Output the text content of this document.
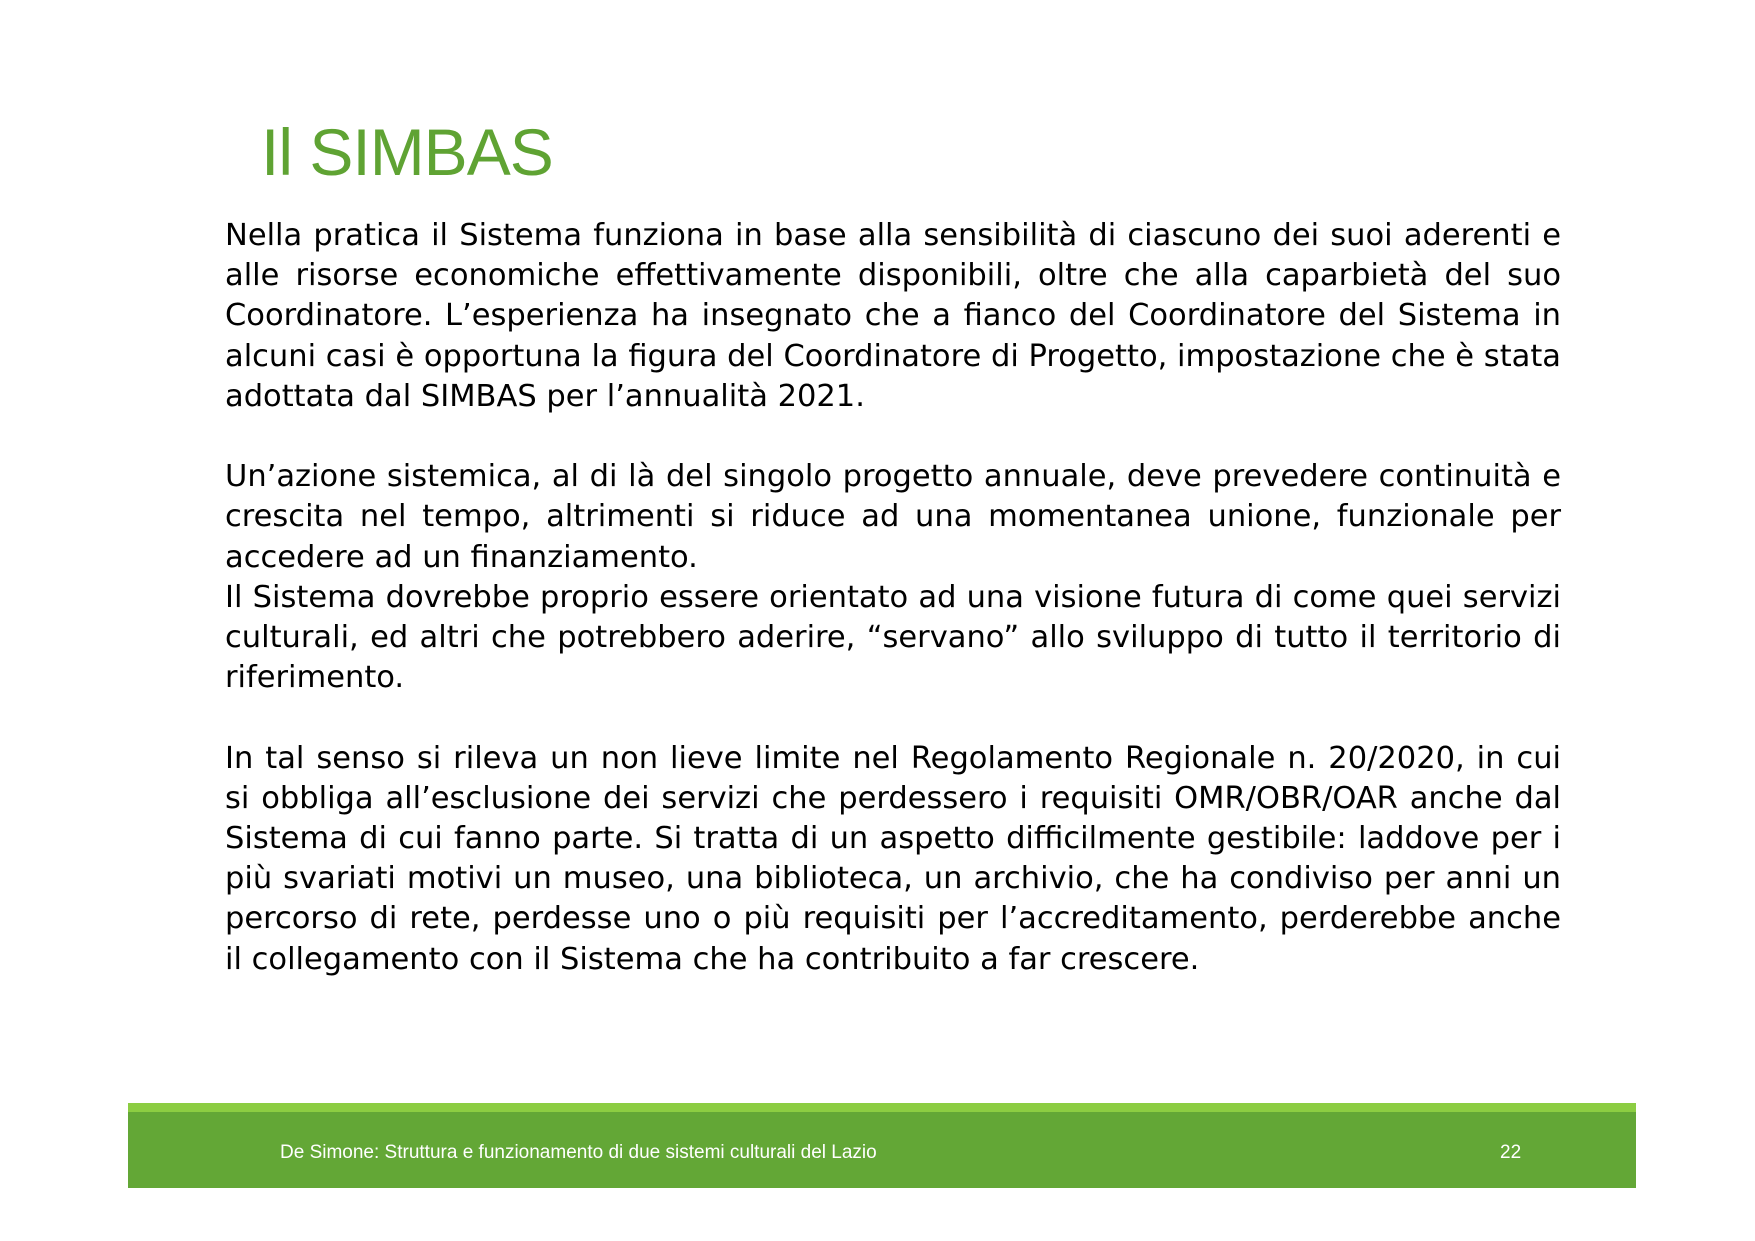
Il SIMBAS

Nella pratica il Sistema funziona in base alla sensibilità di ciascuno dei suoi aderenti e alle risorse economiche effettivamente disponibili, oltre che alla caparbietà del suo Coordinatore. L’esperienza ha insegnato che a fianco del Coordinatore del Sistema in alcuni casi è opportuna la figura del Coordinatore di Progetto, impostazione che è stata adottata dal SIMBAS per l’annualità 2021.

Un’azione sistemica, al di là del singolo progetto annuale, deve prevedere continuità e crescita nel tempo, altrimenti si riduce ad una momentanea unione, funzionale per accedere ad un finanziamento.

Il Sistema dovrebbe proprio essere orientato ad una visione futura di come quei servizi culturali, ed altri che potrebbero aderire, “servano” allo sviluppo di tutto il territorio di riferimento.

In tal senso si rileva un non lieve limite nel Regolamento Regionale n. 20/2020, in cui si obbliga all’esclusione dei servizi che perdessero i requisiti OMR/OBR/OAR anche dal Sistema di cui fanno parte. Si tratta di un aspetto difficilmente gestibile: laddove per i più svariati motivi un museo, una biblioteca, un archivio, che ha condiviso per anni un percorso di rete, perdesse uno o più requisiti per l’accreditamento, perderebbe anche il collegamento con il Sistema che ha contribuito a far crescere.

De Simone: Struttura e funzionamento di due sistemi culturali del Lazio	22
